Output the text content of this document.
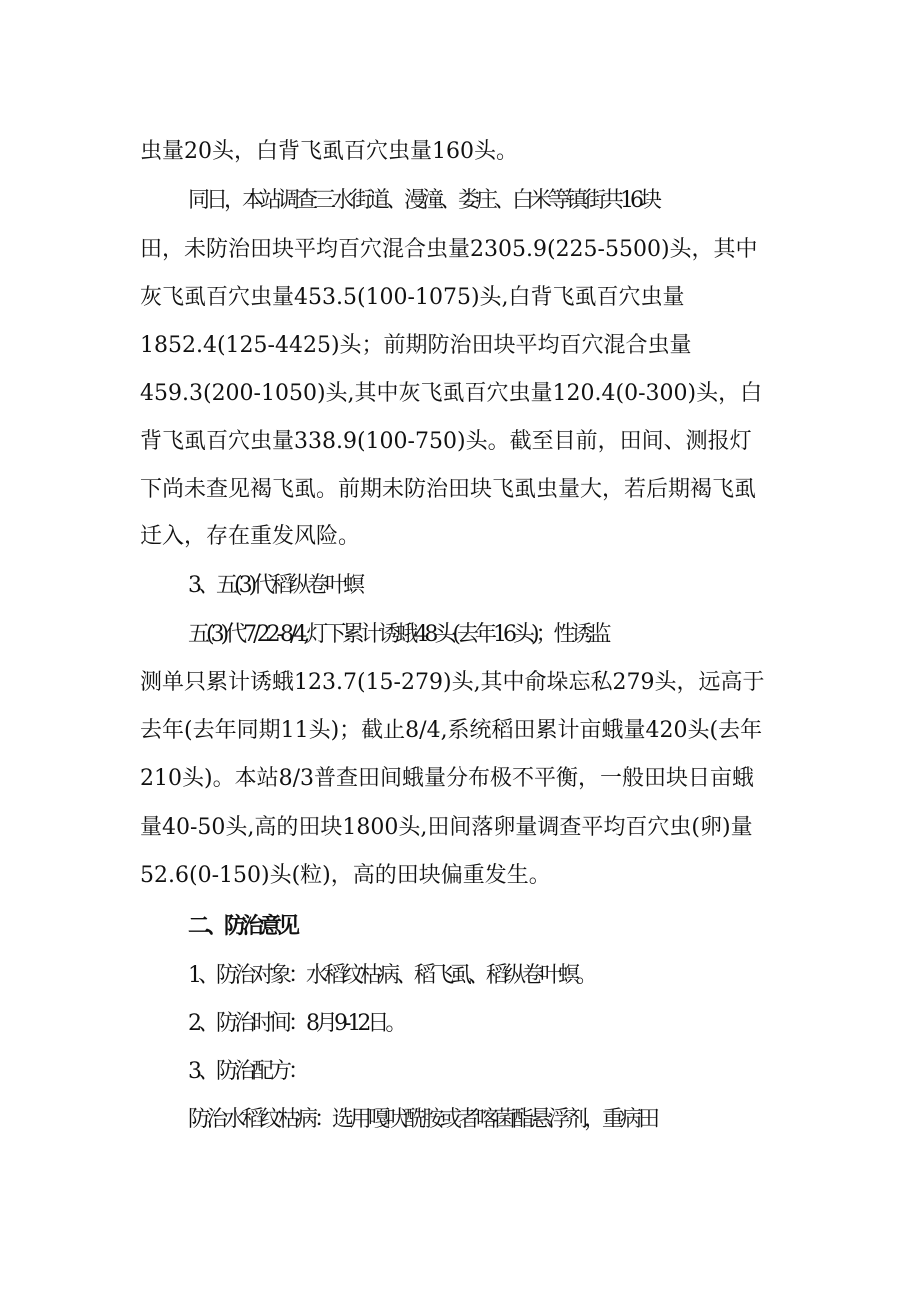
虫量20头，白背飞虱百穴虫量160头。
同日，本站调查三水街道、漫潼、娄庄、白米等镇街共16块
田，未防治田块平均百穴混合虫量2305.9(225-5500)头，其中
灰飞虱百穴虫量453.5(100-1075)头,白背飞虱百穴虫量
1852.4(125-4425)头；前期防治田块平均百穴混合虫量
459.3(200-1050)头,其中灰飞虱百穴虫量120.4(0-300)头，白
背飞虱百穴虫量338.9(100-750)头。截至目前，田间、测报灯
下尚未查见褐飞虱。前期未防治田块飞虱虫量大，若后期褐飞虱
迁入，存在重发风险。
3、五(3)代稻纵卷叶螟
五(3)代7/22-8/4,灯下累计诱蛾48头(去年16头)；性诱监
测单只累计诱蛾123.7(15-279)头,其中俞垛忘私279头，远高于
去年(去年同期11头)；截止8/4,系统稻田累计亩蛾量420头(去年
210头)。本站8/3普查田间蛾量分布极不平衡，一般田块日亩蛾
量40-50头,高的田块1800头,田间落卵量调查平均百穴虫(卵)量
52.6(0-150)头(粒)，高的田块偏重发生。
二、防治意见
1、防治对象：水稻纹枯病、稻飞虱、稻纵卷叶螟。
2、防治时间：8月9-12日。
3、防治配方：
防治水稻纹枯病：选用嘎吠酰胺或者喀菌酯悬浮剂，重病田
